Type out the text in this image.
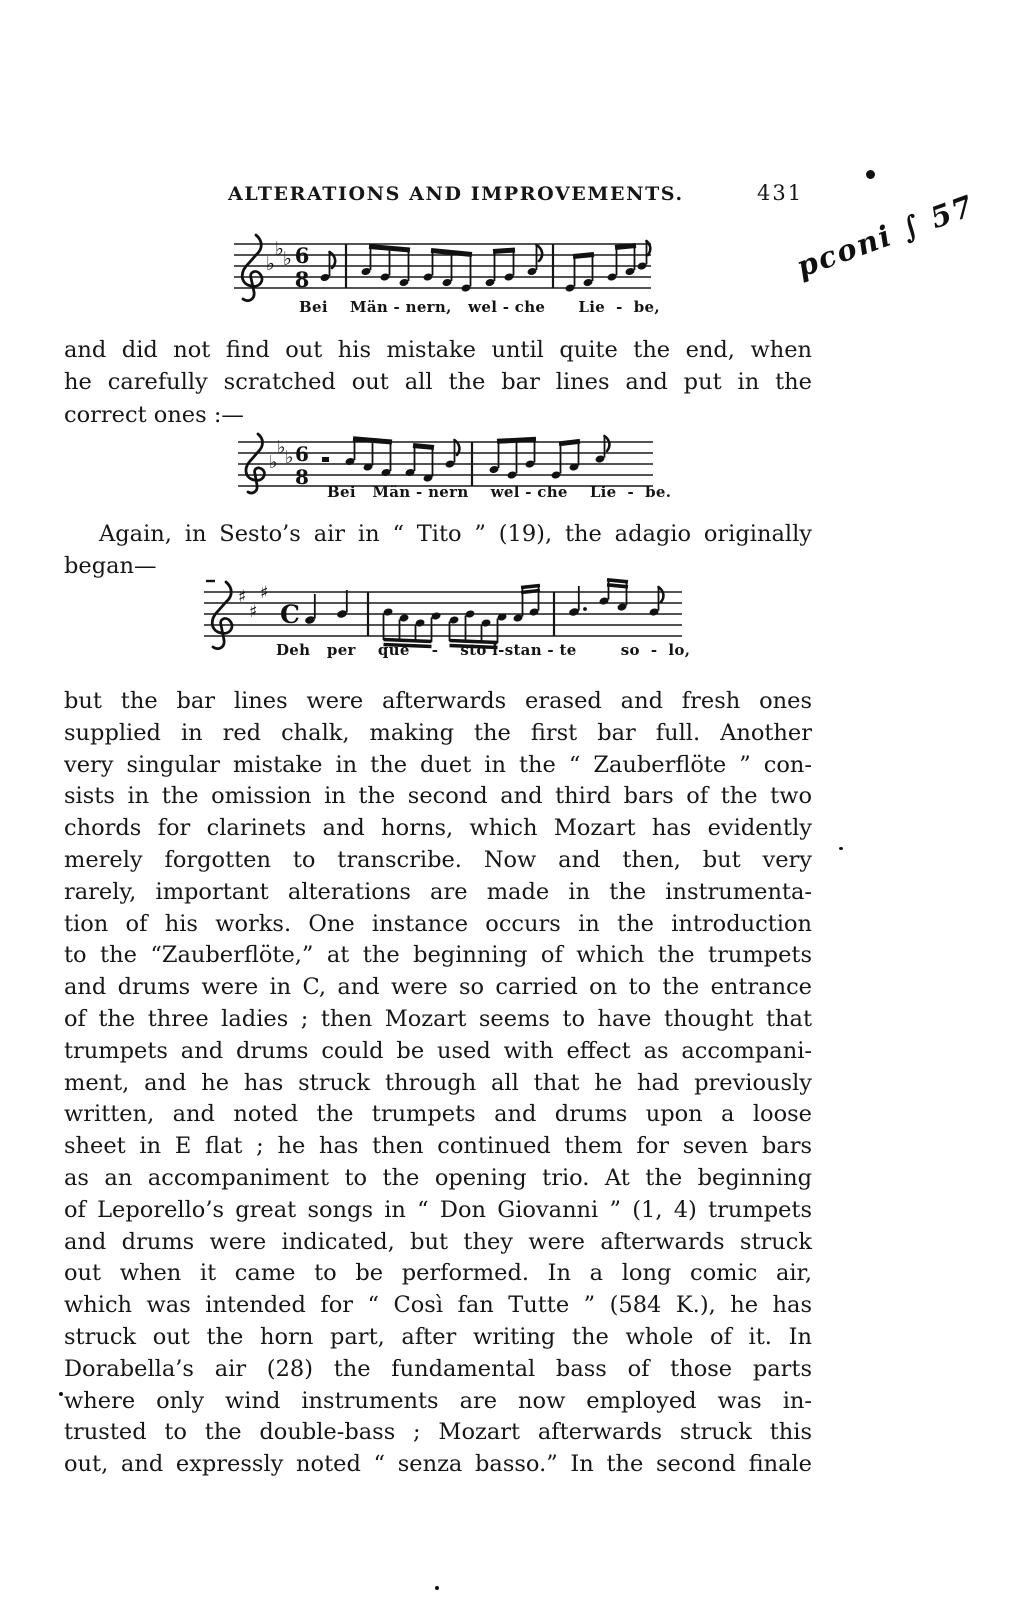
ALTERATIONS AND IMPROVEMENTS.	431
pconi ∫ 57
♭
♭ ♭ 6
8
Bei    Män - nern,   wel - che      Lie  -  be,
and did not find out his mistake until quite the end, when
he carefully scratched out all the bar lines and put in the
correct ones :—
♭
♭ ♭ 6
8
Bei   Män - nern    wel - che    Lie  -  be.
Again, in Sesto’s air in “ Tito ” (19), the adagio originally
began—
♯
♯
♯
C
Deh   per    que    -    sto i-stan - te        so  -  lo,
but the bar lines were afterwards erased and fresh ones
supplied in red chalk, making the first bar full. Another
very singular mistake in the duet in the “ Zauberflöte ” con-
sists in the omission in the second and third bars of the two
chords for clarinets and horns, which Mozart has evidently
merely forgotten to transcribe. Now and then, but very
rarely, important alterations are made in the instrumenta-
tion of his works. One instance occurs in the introduction
to the “Zauberflöte,” at the beginning of which the trumpets
and drums were in C, and were so carried on to the entrance
of the three ladies ; then Mozart seems to have thought that
trumpets and drums could be used with effect as accompani-
ment, and he has struck through all that he had previously
written, and noted the trumpets and drums upon a loose
sheet in E flat ; he has then continued them for seven bars
as an accompaniment to the opening trio. At the beginning
of Leporello’s great songs in “ Don Giovanni ” (1, 4) trumpets
and drums were indicated, but they were afterwards struck
out when it came to be performed. In a long comic air,
which was intended for “ Così fan Tutte ” (584 K.), he has
struck out the horn part, after writing the whole of it. In
Dorabella’s air (28) the fundamental bass of those parts
where only wind instruments are now employed was in-
trusted to the double-bass ; Mozart afterwards struck this
out, and expressly noted “ senza basso.” In the second finale
